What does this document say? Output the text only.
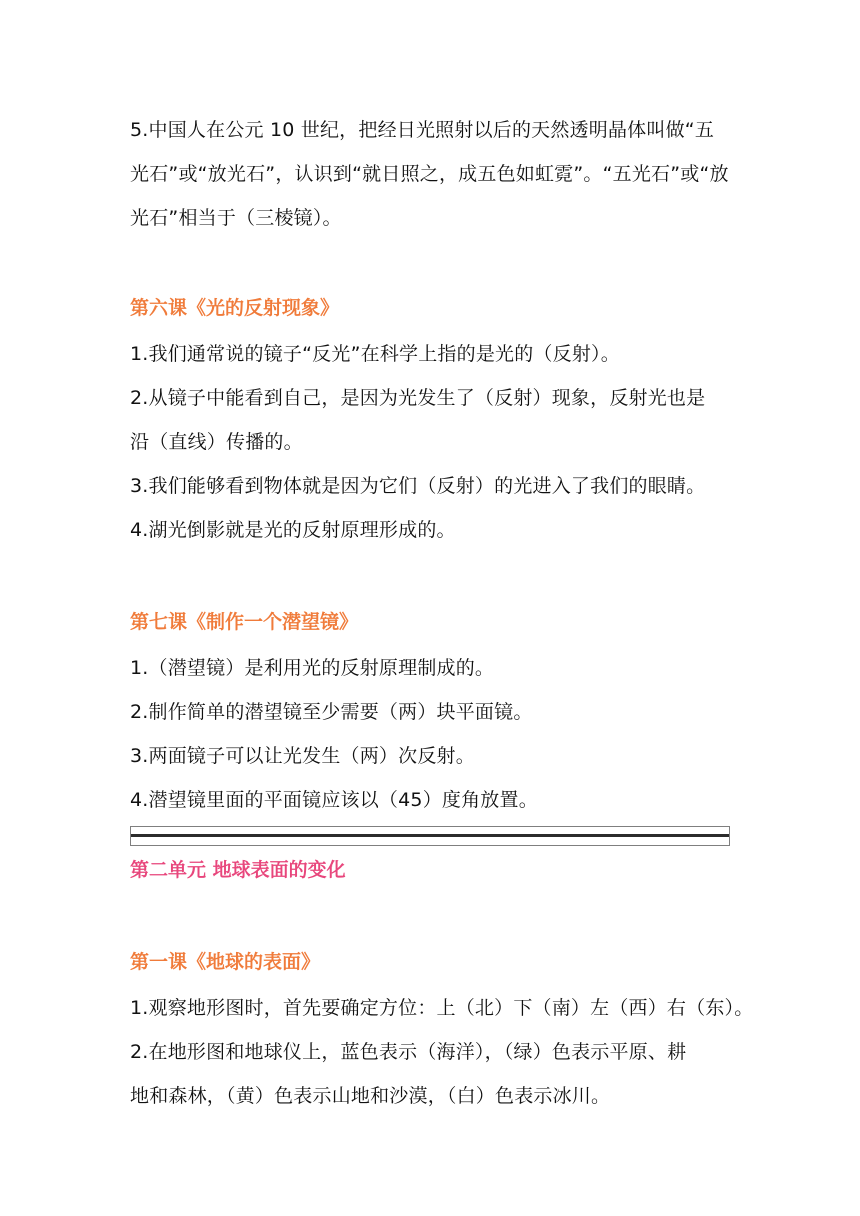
5.中国人在公元 10 世纪，把经日光照射以后的天然透明晶体叫做“五
光石”或“放光石”，认识到“就日照之，成五色如虹霓”。“五光石”或“放
光石”相当于（三棱镜）。
第六课《光的反射现象》
1.我们通常说的镜子“反光”在科学上指的是光的（反射）。
2.从镜子中能看到自己，是因为光发生了（反射）现象，反射光也是
沿（直线）传播的。
3.我们能够看到物体就是因为它们（反射）的光进入了我们的眼睛。
4.湖光倒影就是光的反射原理形成的。
第七课《制作一个潜望镜》
1.（潜望镜）是利用光的反射原理制成的。
2.制作简单的潜望镜至少需要（两）块平面镜。
3.两面镜子可以让光发生（两）次反射。
4.潜望镜里面的平面镜应该以（45）度角放置。
第二单元 地球表面的变化
第一课《地球的表面》
1.观察地形图时，首先要确定方位：上（北）下（南）左（西）右（东）。
2.在地形图和地球仪上，蓝色表示（海洋），（绿）色表示平原、耕
地和森林，（黄）色表示山地和沙漠，（白）色表示冰川。
